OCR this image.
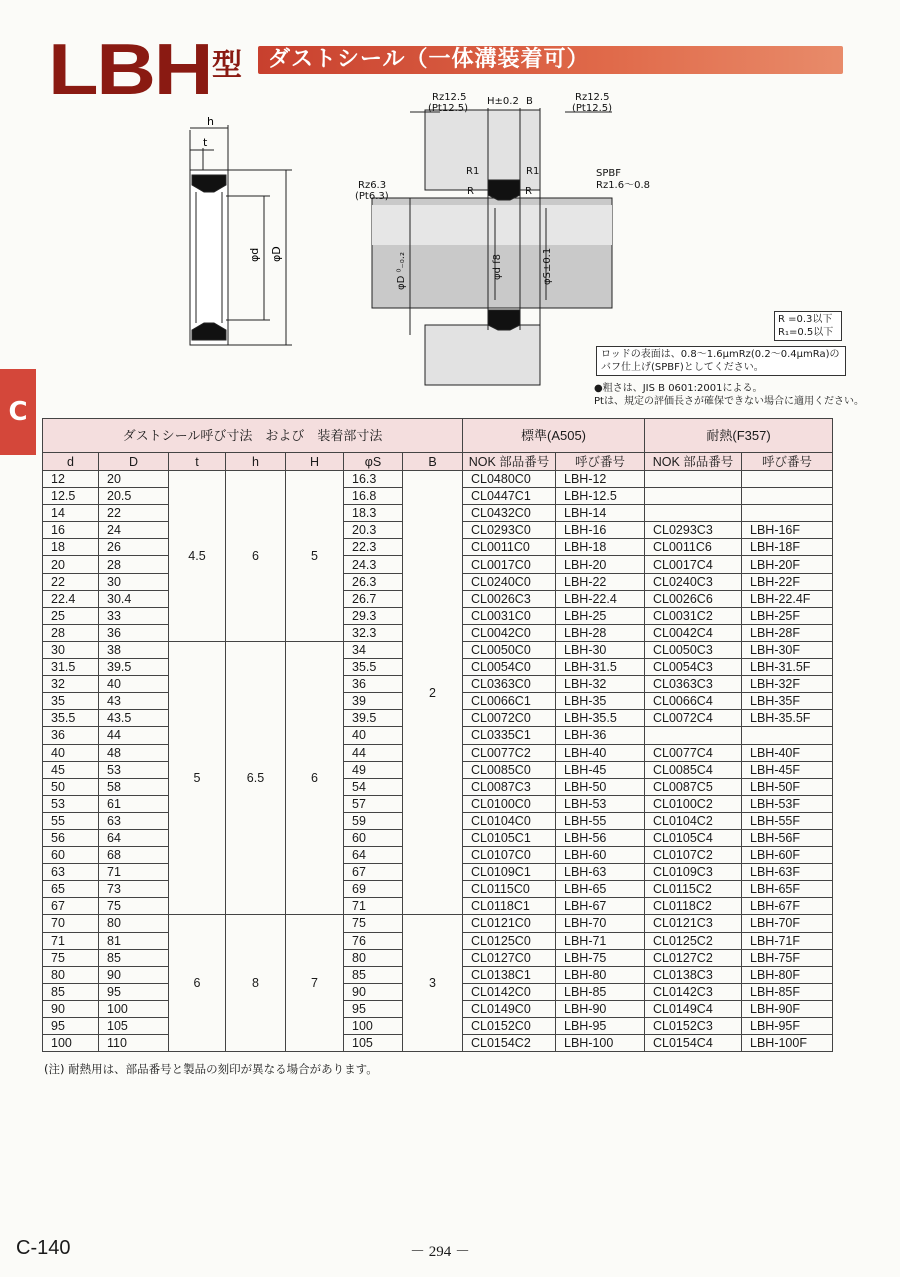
LBH 型	ダストシール（一体溝装着可）
C
h
t
φd φD
Rz12.5
(Pt12.5)
H±0.2 B	Rz12.5
(Pt12.5)
Rz6.3
(Pt6.3)
R1	R1
R	R
SPBF
Rz1.6～0.8
φD ⁰₋₀.₂	φd f8	φS±0.1
R =0.3以下
R₁=0.5以下
ロッドの表面は、0.8～1.6μmRz(0.2～0.4μmRa)のバフ仕上げ(SPBF)としてください。
●粗さは、JIS B 0601:2001による。
Ptは、規定の評価長さが確保できない場合に適用ください。
ダストシール呼び寸法　および　装着部寸法							標準(A505)		耐熱(F357)	
d	D	t	h	H	φS	B	NOK 部品番号	呼び番号	NOK 部品番号	呼び番号
12	20	4.5	6	5	16.3	2	CL0480C0	LBH-12		
12.5	20.5				16.8		CL0447C1	LBH-12.5		
14	22				18.3		CL0432C0	LBH-14		
16	24				20.3		CL0293C0	LBH-16	CL0293C3	LBH-16F
18	26				22.3		CL0011C0	LBH-18	CL0011C6	LBH-18F
20	28				24.3		CL0017C0	LBH-20	CL0017C4	LBH-20F
22	30				26.3		CL0240C0	LBH-22	CL0240C3	LBH-22F
22.4	30.4				26.7		CL0026C3	LBH-22.4	CL0026C6	LBH-22.4F
25	33				29.3		CL0031C0	LBH-25	CL0031C2	LBH-25F
28	36				32.3		CL0042C0	LBH-28	CL0042C4	LBH-28F
30	38	5	6.5	6	34		CL0050C0	LBH-30	CL0050C3	LBH-30F
31.5	39.5				35.5		CL0054C0	LBH-31.5	CL0054C3	LBH-31.5F
32	40				36		CL0363C0	LBH-32	CL0363C3	LBH-32F
35	43				39		CL0066C1	LBH-35	CL0066C4	LBH-35F
35.5	43.5				39.5		CL0072C0	LBH-35.5	CL0072C4	LBH-35.5F
36	44				40		CL0335C1	LBH-36		
40	48				44		CL0077C2	LBH-40	CL0077C4	LBH-40F
45	53				49		CL0085C0	LBH-45	CL0085C4	LBH-45F
50	58				54		CL0087C3	LBH-50	CL0087C5	LBH-50F
53	61				57		CL0100C0	LBH-53	CL0100C2	LBH-53F
55	63				59		CL0104C0	LBH-55	CL0104C2	LBH-55F
56	64				60		CL0105C1	LBH-56	CL0105C4	LBH-56F
60	68				64		CL0107C0	LBH-60	CL0107C2	LBH-60F
63	71				67		CL0109C1	LBH-63	CL0109C3	LBH-63F
65	73				69		CL0115C0	LBH-65	CL0115C2	LBH-65F
67	75				71		CL0118C1	LBH-67	CL0118C2	LBH-67F
70	80	6	8	7	75	3	CL0121C0	LBH-70	CL0121C3	LBH-70F
71	81				76		CL0125C0	LBH-71	CL0125C2	LBH-71F
75	85				80		CL0127C0	LBH-75	CL0127C2	LBH-75F
80	90				85		CL0138C1	LBH-80	CL0138C3	LBH-80F
85	95				90		CL0142C0	LBH-85	CL0142C3	LBH-85F
90	100				95		CL0149C0	LBH-90	CL0149C4	LBH-90F
95	105				100		CL0152C0	LBH-95	CL0152C3	LBH-95F
100	110				105		CL0154C2	LBH-100	CL0154C4	LBH-100F
(注) 耐熱用は、部品番号と製品の刻印が異なる場合があります。
C-140	－ 294 －
